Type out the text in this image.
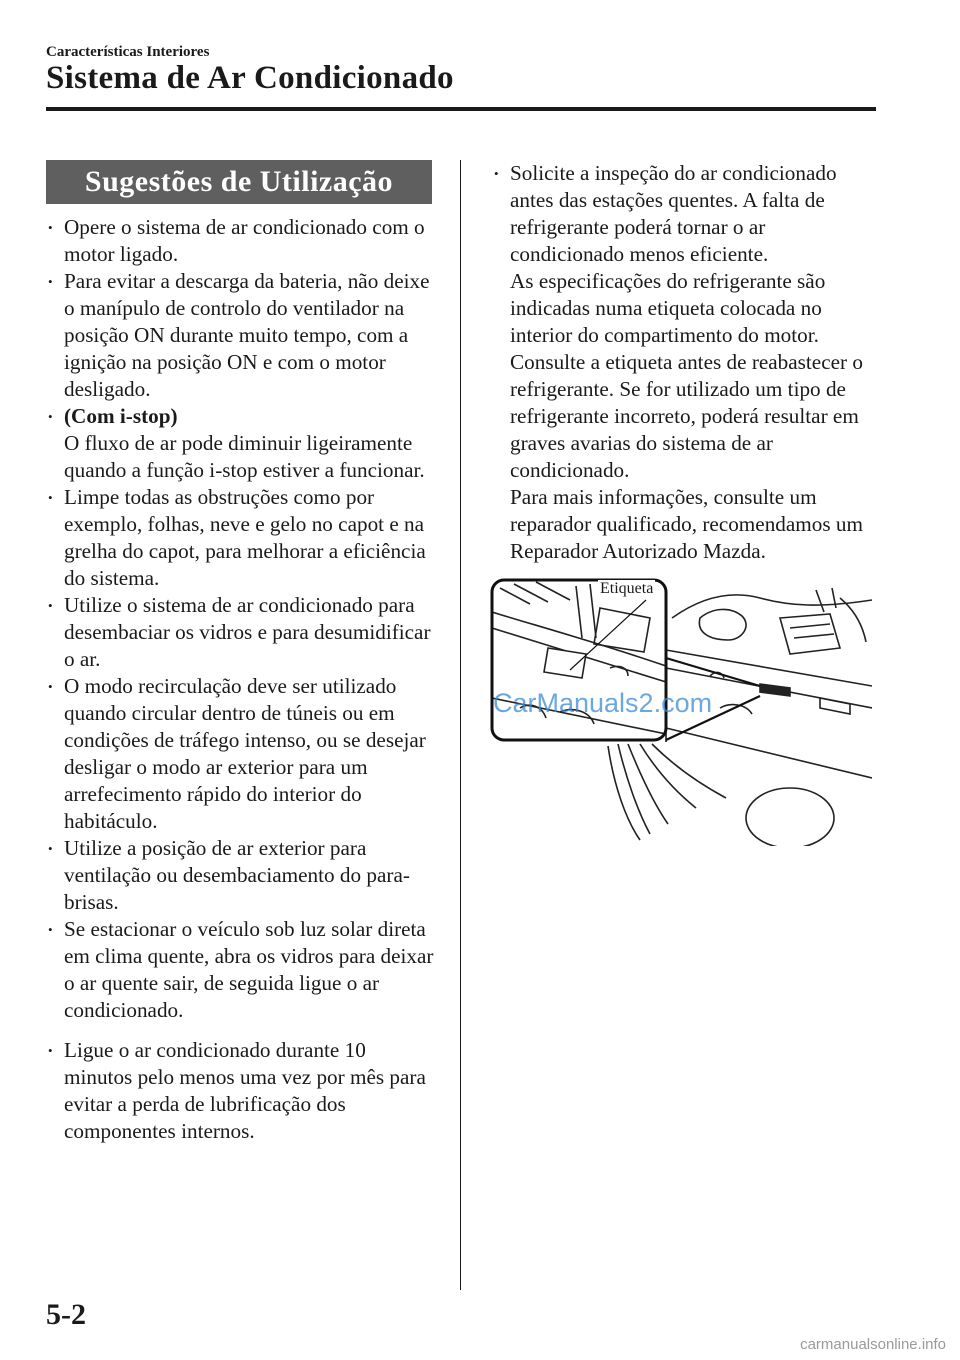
Características Interiores
Sistema de Ar Condicionado
Sugestões de Utilização
• Opere o sistema de ar condicionado com o motor ligado.
• Para evitar a descarga da bateria, não deixe o manípulo de controlo do ventilador na posição ON durante muito tempo, com a ignição na posição ON e com o motor desligado.
• (Com i-stop)
O fluxo de ar pode diminuir ligeiramente quando a função i-stop estiver a funcionar.
• Limpe todas as obstruções como por exemplo, folhas, neve e gelo no capot e na grelha do capot, para melhorar a eficiência do sistema.
• Utilize o sistema de ar condicionado para desembaciar os vidros e para desumidificar o ar.
• O modo recirculação deve ser utilizado quando circular dentro de túneis ou em condições de tráfego intenso, ou se desejar desligar o modo ar exterior para um arrefecimento rápido do interior do habitáculo.
• Utilize a posição de ar exterior para ventilação ou desembaciamento do para-brisas.
• Se estacionar o veículo sob luz solar direta em clima quente, abra os vidros para deixar o ar quente sair, de seguida ligue o ar condicionado.
• Ligue o ar condicionado durante 10 minutos pelo menos uma vez por mês para evitar a perda de lubrificação dos componentes internos.
• Solicite a inspeção do ar condicionado antes das estações quentes. A falta de refrigerante poderá tornar o ar condicionado menos eficiente.
As especificações do refrigerante são indicadas numa etiqueta colocada no interior do compartimento do motor. Consulte a etiqueta antes de reabastecer o refrigerante. Se for utilizado um tipo de refrigerante incorreto, poderá resultar em graves avarias do sistema de ar condicionado.
Para mais informações, consulte um reparador qualificado, recomendamos um Reparador Autorizado Mazda.
Etiqueta
CarManuals2.com
5-2
carmanualsonline.info
